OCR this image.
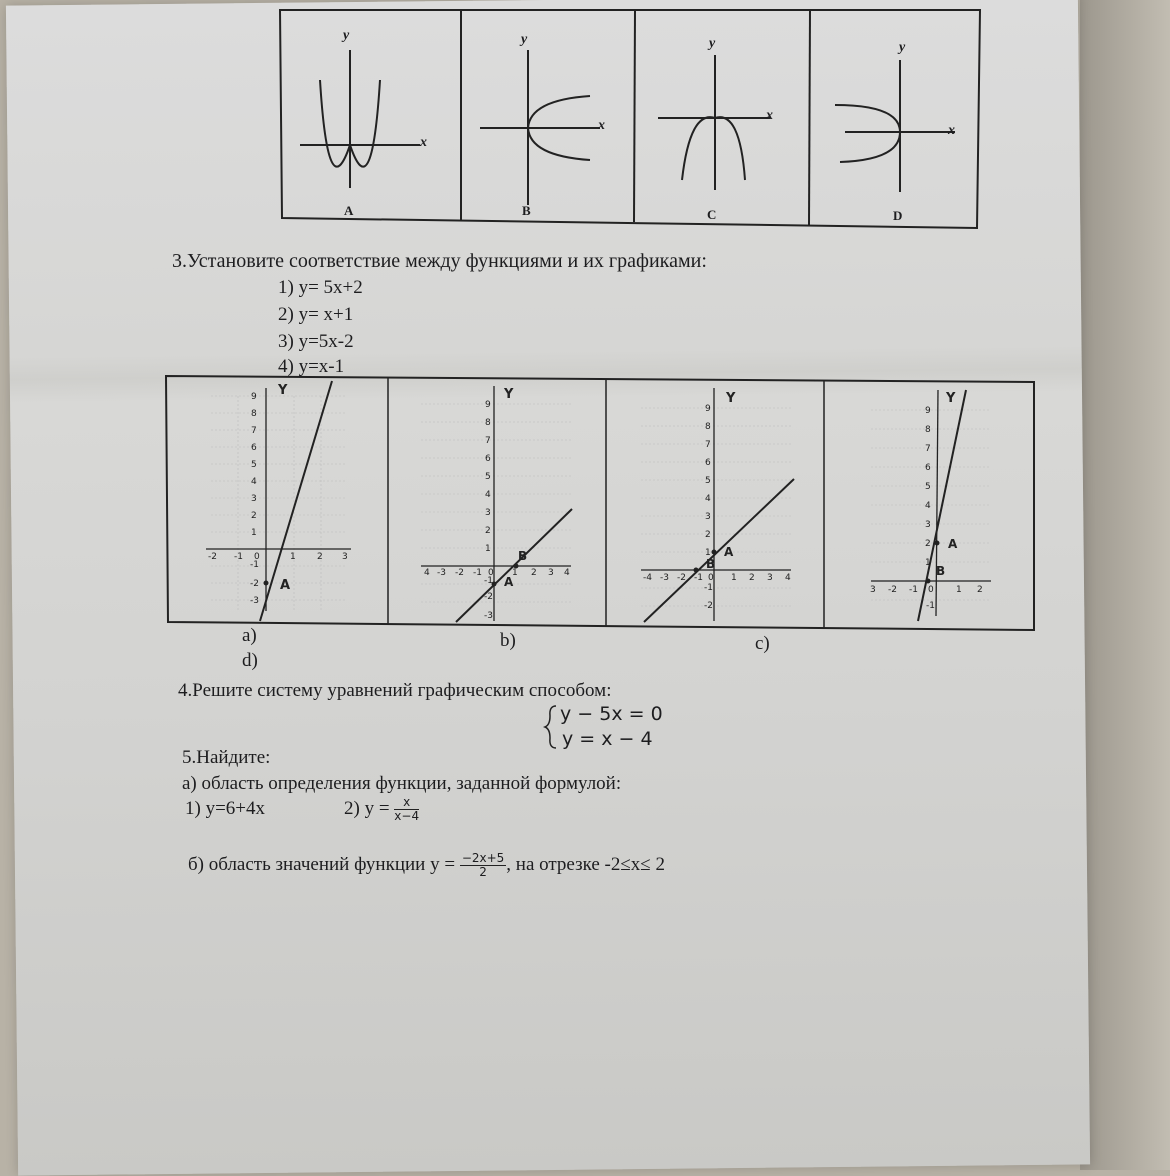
A	B	C	D
y
x
y
x
y
x
y
x
3.Установите соответствие между функциями и их графиками:
1) y= 5x+2
2) y= x+1
3) y=5x-2
4) y=x-1
9
8
7
6
5
4
3
2
1
-1
-2
-3
-2 -1 0	1 2 3
A
Y
9
8
7
6
5
4
3
2
1
-1
-2
-3
4 -3 -2 -1 0 1 2 3 4
A
B
Y
9
8
7
6
5
4
3
2
1
-1
-2
-4 -3 -2 -1 0 1 2 3 4
A
B
Y
9
8
7
6
5
4
3
2
1
-1
3 -2 -1 0 1 2
A
B
Y
a)
d)
b)	c)
4.Решите систему уравнений графическим способом:
y − 5x = 0
y = x − 4
5.Найдите:
а) область определения функции, заданной формулой:
1) y=6+4x	2) $y = \frac{x}{x-4}$
б) область значений функции $y = \frac{-2x+5}{2}$ , на отрезке -2≤x≤ 2
